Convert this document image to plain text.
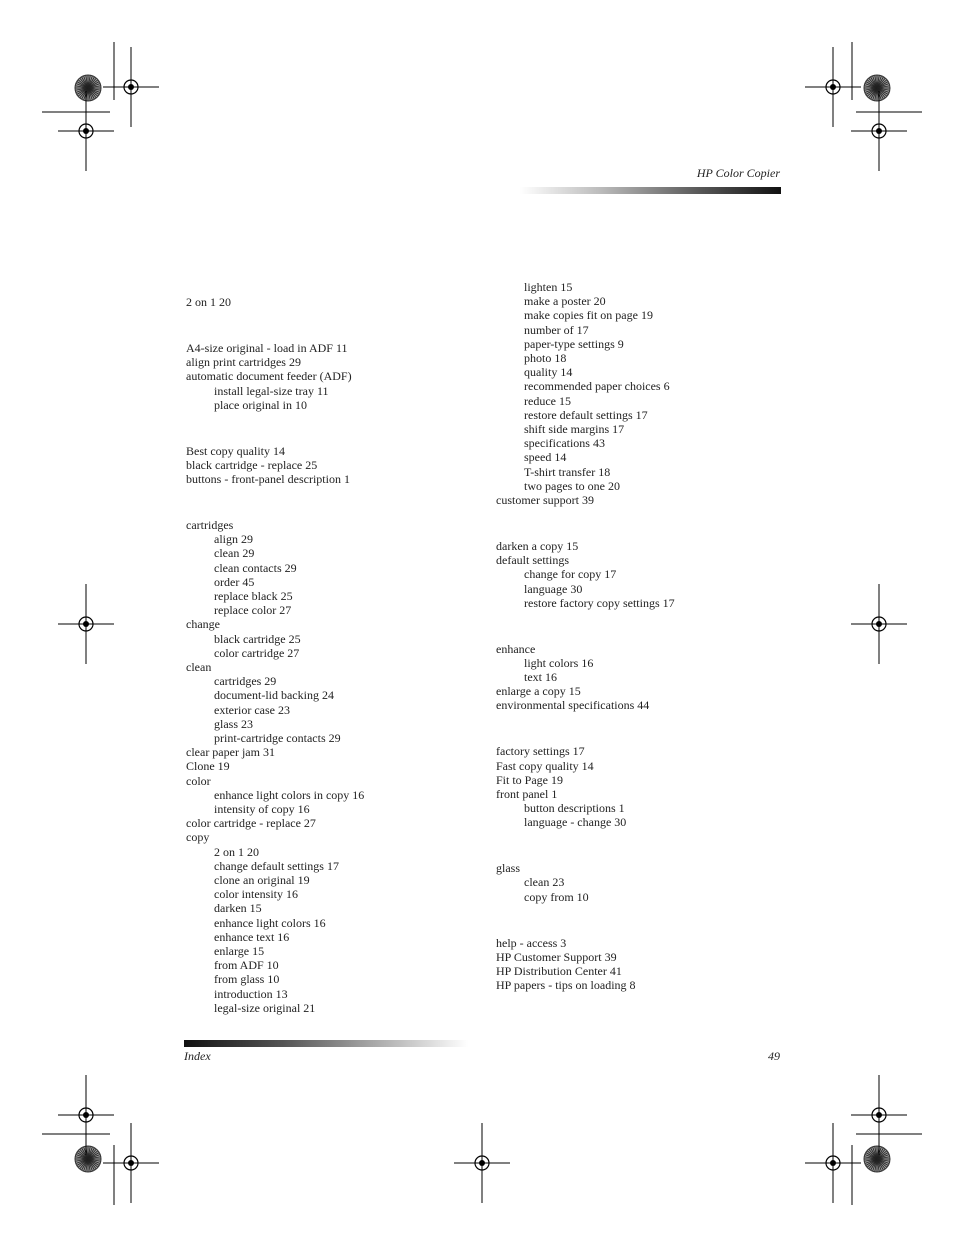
HP Color Copier
2 on 1 20
A4-size original - load in ADF 11
align print cartridges 29
automatic document feeder (ADF)
install legal-size tray 11
place original in 10
Best copy quality 14
black cartridge - replace 25
buttons - front-panel description 1
cartridges
align 29
clean 29
clean contacts 29
order 45
replace black 25
replace color 27
change
black cartridge 25
color cartridge 27
clean
cartridges 29
document-lid backing 24
exterior case 23
glass 23
print-cartridge contacts 29
clear paper jam 31
Clone 19
color
enhance light colors in copy 16
intensity of copy 16
color cartridge - replace 27
copy
2 on 1 20
change default settings 17
clone an original 19
color intensity 16
darken 15
enhance light colors 16
enhance text 16
enlarge 15
from ADF 10
from glass 10
introduction 13
legal-size original 21
lighten 15
make a poster 20
make copies fit on page 19
number of 17
paper-type settings 9
photo 18
quality 14
recommended paper choices 6
reduce 15
restore default settings 17
shift side margins 17
specifications 43
speed 14
T-shirt transfer 18
two pages to one 20
customer support 39
darken a copy 15
default settings
change for copy 17
language 30
restore factory copy settings 17
enhance
light colors 16
text 16
enlarge a copy 15
environmental specifications 44
factory settings 17
Fast copy quality 14
Fit to Page 19
front panel 1
button descriptions 1
language - change 30
glass
clean 23
copy from 10
help - access 3
HP Customer Support 39
HP Distribution Center 41
HP papers - tips on loading 8
Index	49
